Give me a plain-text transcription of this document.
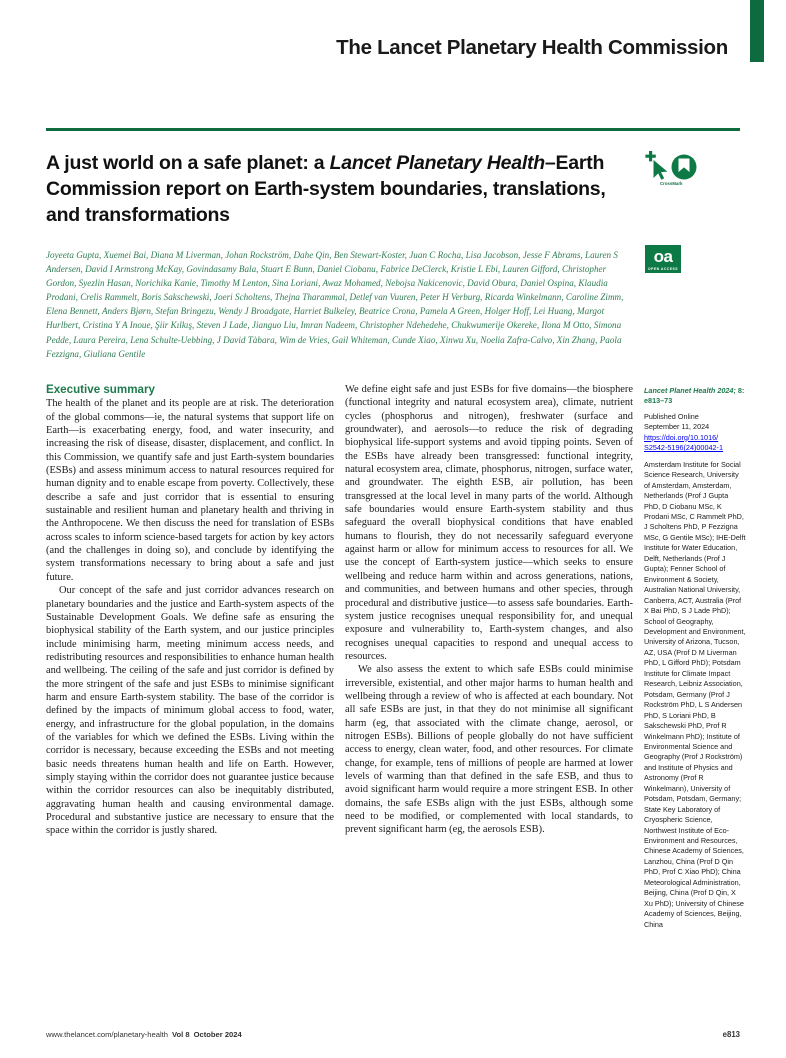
The Lancet Planetary Health Commission
A just world on a safe planet: a Lancet Planetary Health–Earth Commission report on Earth-system boundaries, translations, and transformations
CrossMark
oa
OPEN ACCESS
Joyeeta Gupta, Xuemei Bai, Diana M Liverman, Johan Rockström, Dahe Qin, Ben Stewart-Koster, Juan C Rocha, Lisa Jacobson, Jesse F Abrams, Lauren S Andersen, David I Armstrong McKay, Govindasamy Bala, Stuart E Bunn, Daniel Ciobanu, Fabrice DeClerck, Kristie L Ebi, Lauren Gifford, Christopher Gordon, Syezlin Hasan, Norichika Kanie, Timothy M Lenton, Sina Loriani, Awaz Mohamed, Nebojsa Nakicenovic, David Obura, Daniel Ospina, Klaudia Prodani, Crelis Rammelt, Boris Sakschewski, Joeri Scholtens, Thejna Tharammal, Detlef van Vuuren, Peter H Verburg, Ricarda Winkelmann, Caroline Zimm, Elena Bennett, Anders Bjørn, Stefan Bringezu, Wendy J Broadgate, Harriet Bulkeley, Beatrice Crona, Pamela A Green, Holger Hoff, Lei Huang, Margot Hurlbert, Cristina Y A Inoue, Şiir Kılkış, Steven J Lade, Jianguo Liu, Imran Nadeem, Christopher Ndehedehe, Chukwumerije Okereke, Ilona M Otto, Simona Pedde, Laura Pereira, Lena Schulte-Uebbing, J David Tàbara, Wim de Vries, Gail Whiteman, Cunde Xiao, Xinwu Xu, Noelia Zafra-Calvo, Xin Zhang, Paola Fezzigna, Giuliana Gentile
Executive summary

The health of the planet and its people are at risk. The deterioration of the global commons—ie, the natural systems that support life on Earth—is exacerbating energy, food, and water insecurity, and increasing the risk of disease, disaster, displacement, and conflict. In this Commission, we quantify safe and just Earth-system boundaries (ESBs) and assess minimum access to natural resources required for human dignity and to enable escape from poverty. Collectively, these describe a safe and just corridor that is essential to ensuring sustainable and resilient human and planetary health and thriving in the Anthropocene. We then discuss the need for translation of ESBs across scales to inform science-based targets for action by key actors (and the challenges in doing so), and conclude by identifying the system transformations necessary to bring about a safe and just future.

Our concept of the safe and just corridor advances research on planetary boundaries and the justice and Earth-system aspects of the Sustainable Development Goals. We define safe as ensuring the biophysical stability of the Earth system, and our justice principles include minimising harm, meeting minimum access needs, and redistributing resources and responsibilities to enhance human health and wellbeing. The ceiling of the safe and just corridor is defined by the more stringent of the safe and just ESBs to minimise significant harm and ensure Earth-system stability. The base of the corridor is defined by the impacts of minimum global access to food, water, energy, and infrastructure for the global population, in the domains of the variables for which we defined the ESBs. Living within the corridor is necessary, because exceeding the ESBs and not meeting basic needs threatens human health and life on Earth. However, simply staying within the corridor does not guarantee justice because within the corridor resources can also be inequitably distributed, aggravating human health and causing environmental damage. Procedural and substantive justice are necessary to ensure that the space within the corridor is justly shared.

We define eight safe and just ESBs for five domains—the biosphere (functional integrity and natural ecosystem area), climate, nutrient cycles (phosphorus and nitrogen), freshwater (surface and groundwater), and aerosols—to reduce the risk of degrading biophysical life-support systems and avoid tipping points. Seven of the ESBs have already been transgressed: functional integrity, natural ecosystem area, climate, phosphorus, nitrogen, surface water, and groundwater. The eighth ESB, air pollution, has been transgressed at the local level in many parts of the world. Although safe boundaries would ensure Earth-system stability and thus safeguard the overall biophysical conditions that have enabled humans to flourish, they do not necessarily safeguard everyone against harm or allow for minimum access to resources for all. We use the concept of Earth-system justice—which seeks to ensure wellbeing and reduce harm within and across generations, nations, and communities, and between humans and other species, through procedural and distributive justice—to assess safe boundaries. Earth-system justice recognises unequal responsibility for, and unequal exposure and vulnerability to, Earth-system changes, and also recognises unequal capacities to respond and unequal access to resources.

We also assess the extent to which safe ESBs could minimise irreversible, existential, and other major harms to human health and wellbeing through a review of who is affected at each boundary. Not all safe ESBs are just, in that they do not minimise all significant harm (eg, that associated with the climate change, aerosol, or nitrogen ESBs). Billions of people globally do not have sufficient access to energy, clean water, food, and other resources. For climate change, for example, tens of millions of people are harmed at lower levels of warming than that defined in the safe ESB, and thus to avoid significant harm would require a more stringent ESB. In other domains, the safe ESBs align with the just ESBs, although some need to be modified, or complemented with local standards, to prevent significant harm (eg, the aerosols ESB).

Lancet Planet Health 2024; 8: e813–73
Published Online
September 11, 2024
https://doi.org/10.1016/
S2542-5196(24)00042-1
Amsterdam Institute for Social Science Research, University of Amsterdam, Amsterdam, Netherlands (Prof J Gupta PhD, D Ciobanu MSc, K Prodani MSc, C Rammelt PhD, J Scholtens PhD, P Fezzigna MSc, G Gentile MSc); IHE-Delft Institute for Water Education, Delft, Netherlands (Prof J Gupta); Fenner School of Environment & Society, Australian National University, Canberra, ACT, Australia (Prof X Bai PhD, S J Lade PhD); School of Geography, Development and Environment, University of Arizona, Tucson, AZ, USA (Prof D M Liverman PhD, L Gifford PhD); Potsdam Institute for Climate Impact Research, Leibniz Association, Potsdam, Germany (Prof J Rockström PhD, L S Andersen PhD, S Loriani PhD, B Sakschewski PhD, Prof R Winkelmann PhD); Institute of Environmental Science and Geography (Prof J Rockström) and Institute of Physics and Astronomy (Prof R Winkelmann), University of Potsdam, Potsdam, Germany; State Key Laboratory of Cryospheric Science, Northwest Institute of Eco-Environment and Resources, Chinese Academy of Sciences, Lanzhou, China (Prof D Qin PhD, Prof C Xiao PhD); China Meteorological Administration, Beijing, China (Prof D Qin, X Xu PhD); University of Chinese Academy of Sciences, Beijing, China
www.thelancet.com/planetary-health Vol 8 October 2024	e813
